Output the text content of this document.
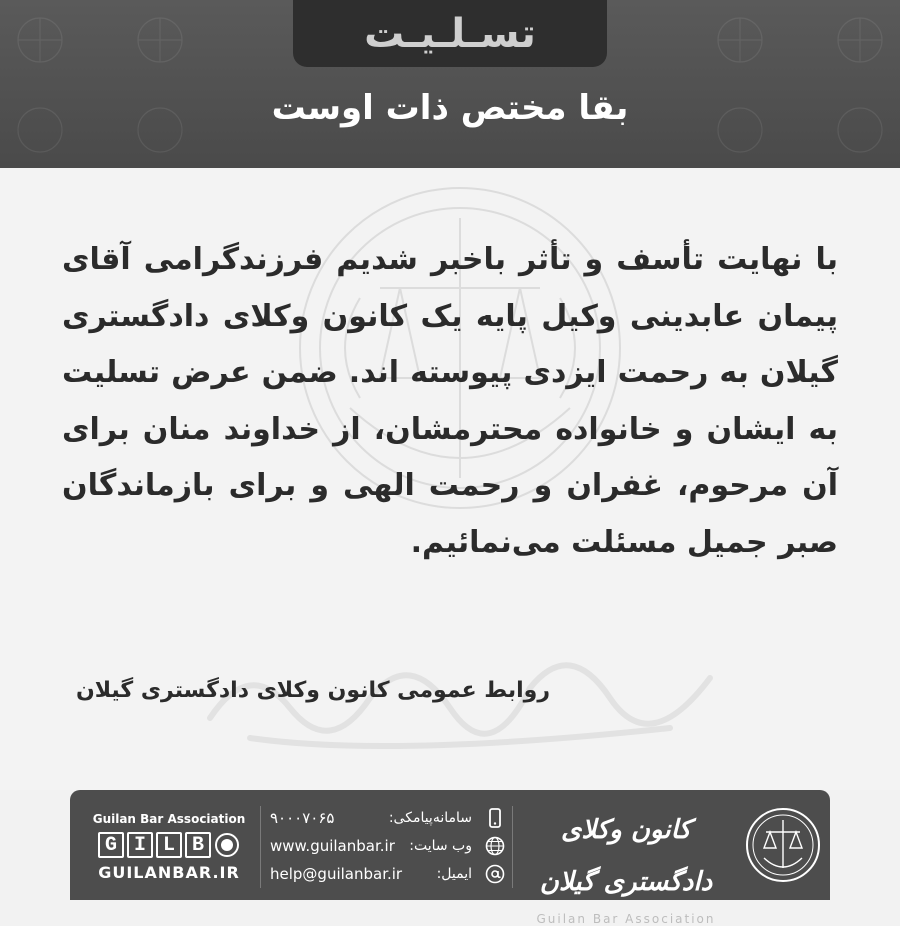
تسـلـیـت
بقا مختص ذات اوست

با نهایت تأسف و تأثر باخبر شدیم فرزندگرامی آقای پیمان عابدینی وکیل پایه یک کانون وکلای دادگستری گیلان به رحمت ایزدی پیوسته اند. ضمن عرض تسلیت به ایشان و خانواده محترمشان، از خداوند منان برای آن مرحوم، غفران و رحمت الهی و برای بازماندگان صبر جمیل مسئلت می‌نمائیم.

روابط عمومی کانون وکلای دادگستری گیلان
Guilan Bar Association
G I L B
GUILANBAR.IR
۹۰۰۰۷۰۶۵	سامانه‌پیامکی:
www.guilanbar.ir وب سایت:
help@guilanbar.ir ایمیل:
کانون وکلای دادگستری گیلان
Guilan Bar Association
